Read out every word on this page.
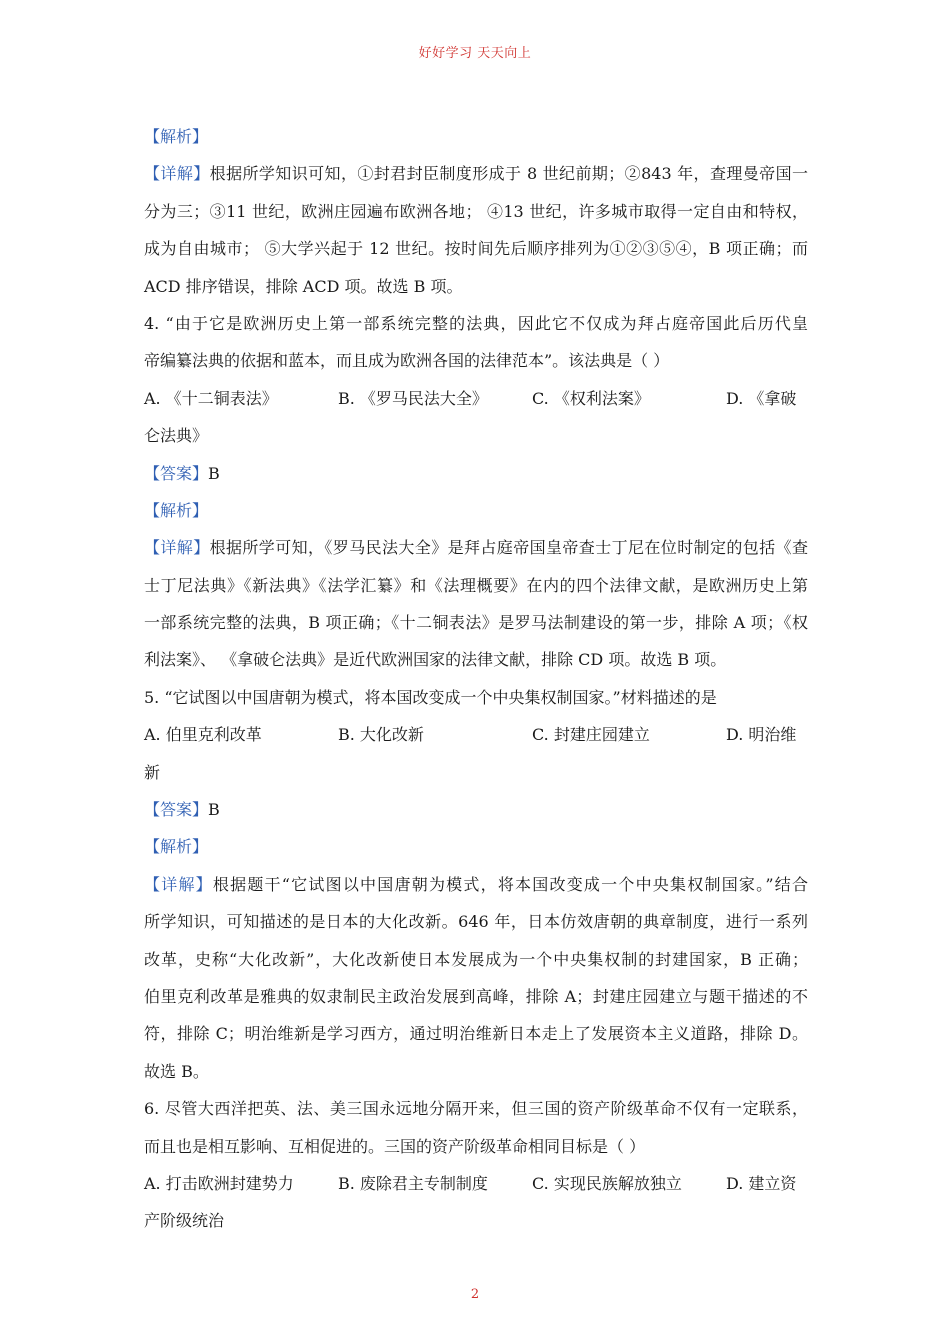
好好学习 天天向上
【解析】
【详解】根据所学知识可知，①封君封臣制度形成于 8 世纪前期；②843 年，查理曼帝国一
分为三；③11 世纪，欧洲庄园遍布欧洲各地； ④13 世纪，许多城市取得一定自由和特权，
成为自由城市； ⑤大学兴起于 12 世纪。按时间先后顺序排列为①②③⑤④，B 项正确；而
ACD 排序错误，排除 ACD 项。故选 B 项。
4. “由于它是欧洲历史上第一部系统完整的法典，因此它不仅成为拜占庭帝国此后历代皇
帝编纂法典的依据和蓝本，而且成为欧洲各国的法律范本”。该法典是（ ）
A. 《十二铜表法》	B. 《罗马民法大全》	C. 《权利法案》	D. 《拿破
仑法典》
【答案】B
【解析】
【详解】根据所学可知，《罗马民法大全》是拜占庭帝国皇帝查士丁尼在位时制定的包括《查
士丁尼法典》《新法典》《法学汇纂》和《法理概要》在内的四个法律文献，是欧洲历史上第
一部系统完整的法典，B 项正确；《十二铜表法》是罗马法制建设的第一步，排除 A 项；《权
利法案》、 《拿破仑法典》是近代欧洲国家的法律文献，排除 CD 项。故选 B 项。
5. “它试图以中国唐朝为模式，将本国改变成一个中央集权制国家。”材料描述的是
A. 伯里克利改革	B. 大化改新	C. 封建庄园建立	D. 明治维
新
【答案】B
【解析】
【详解】根据题干“它试图以中国唐朝为模式，将本国改变成一个中央集权制国家。”结合
所学知识，可知描述的是日本的大化改新。646 年，日本仿效唐朝的典章制度，进行一系列
改革，史称“大化改新”，大化改新使日本发展成为一个中央集权制的封建国家，B 正确；
伯里克利改革是雅典的奴隶制民主政治发展到高峰，排除 A；封建庄园建立与题干描述的不
符，排除 C；明治维新是学习西方，通过明治维新日本走上了发展资本主义道路，排除 D。
故选 B。
6. 尽管大西洋把英、法、美三国永远地分隔开来，但三国的资产阶级革命不仅有一定联系，
而且也是相互影响、互相促进的。三国的资产阶级革命相同目标是（ ）
A. 打击欧洲封建势力	B. 废除君主专制制度	C. 实现民族解放独立	D. 建立资
产阶级统治
2
